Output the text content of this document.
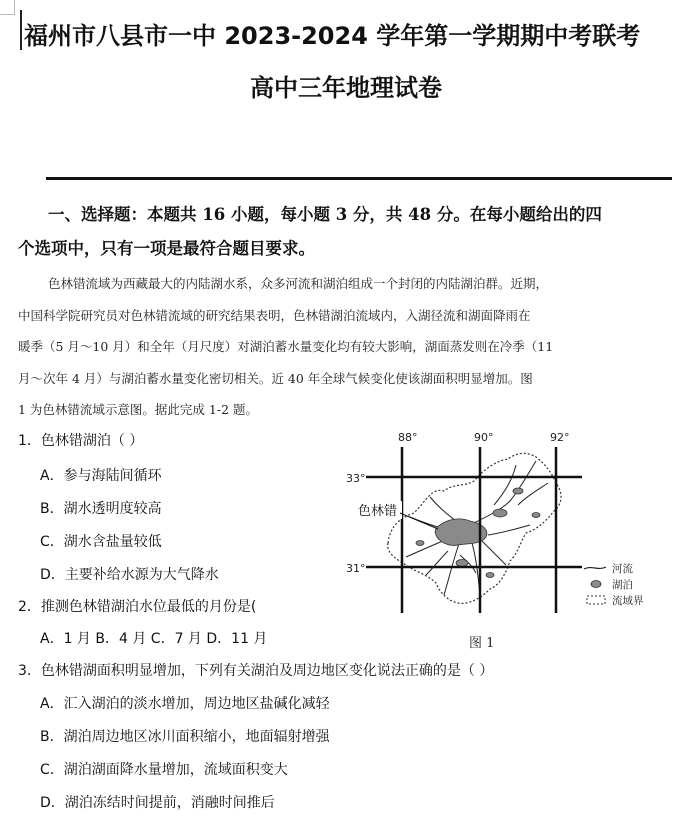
福州市八县市一中 2023-2024 学年第一学期期中考联考
高中三年地理试卷
一、选择题：本题共 16 小题，每小题 3 分，共 48 分。在每小题给出的四
个选项中，只有一项是最符合题目要求。
色林错流域为西藏最大的内陆湖水系，众多河流和湖泊组成一个封闭的内陆湖泊群。近期，
中国科学院研究员对色林错流域的研究结果表明，色林错湖泊流域内，入湖径流和湖面降雨在
暖季（5 月～10 月）和全年（月尺度）对湖泊蓄水量变化均有较大影响，湖面蒸发则在冷季（11
月～次年 4 月）与湖泊蓄水量变化密切相关。近 40 年全球气候变化使该湖面积明显增加。图
1 为色林错流域示意图。据此完成 1-2 题。
1．色林错湖泊（ ）
A．参与海陆间循环
B．湖水透明度较高
C．湖水含盐量较低
D．主要补给水源为大气降水
2．推测色林错湖泊水位最低的月份是(
A．1 月 B．4 月 C．7 月 D．11 月
3．色林错湖面积明显增加，下列有关湖泊及周边地区变化说法正确的是（ ）
A．汇入湖泊的淡水增加，周边地区盐碱化减轻
B．湖泊周边地区冰川面积缩小，地面辐射增强
C．湖泊湖面降水量增加，流域面积变大
D．湖泊冻结时间提前，消融时间推后
88°	90°	92°
33°
31°
色林错
河流
湖泊
流域界
图 1
